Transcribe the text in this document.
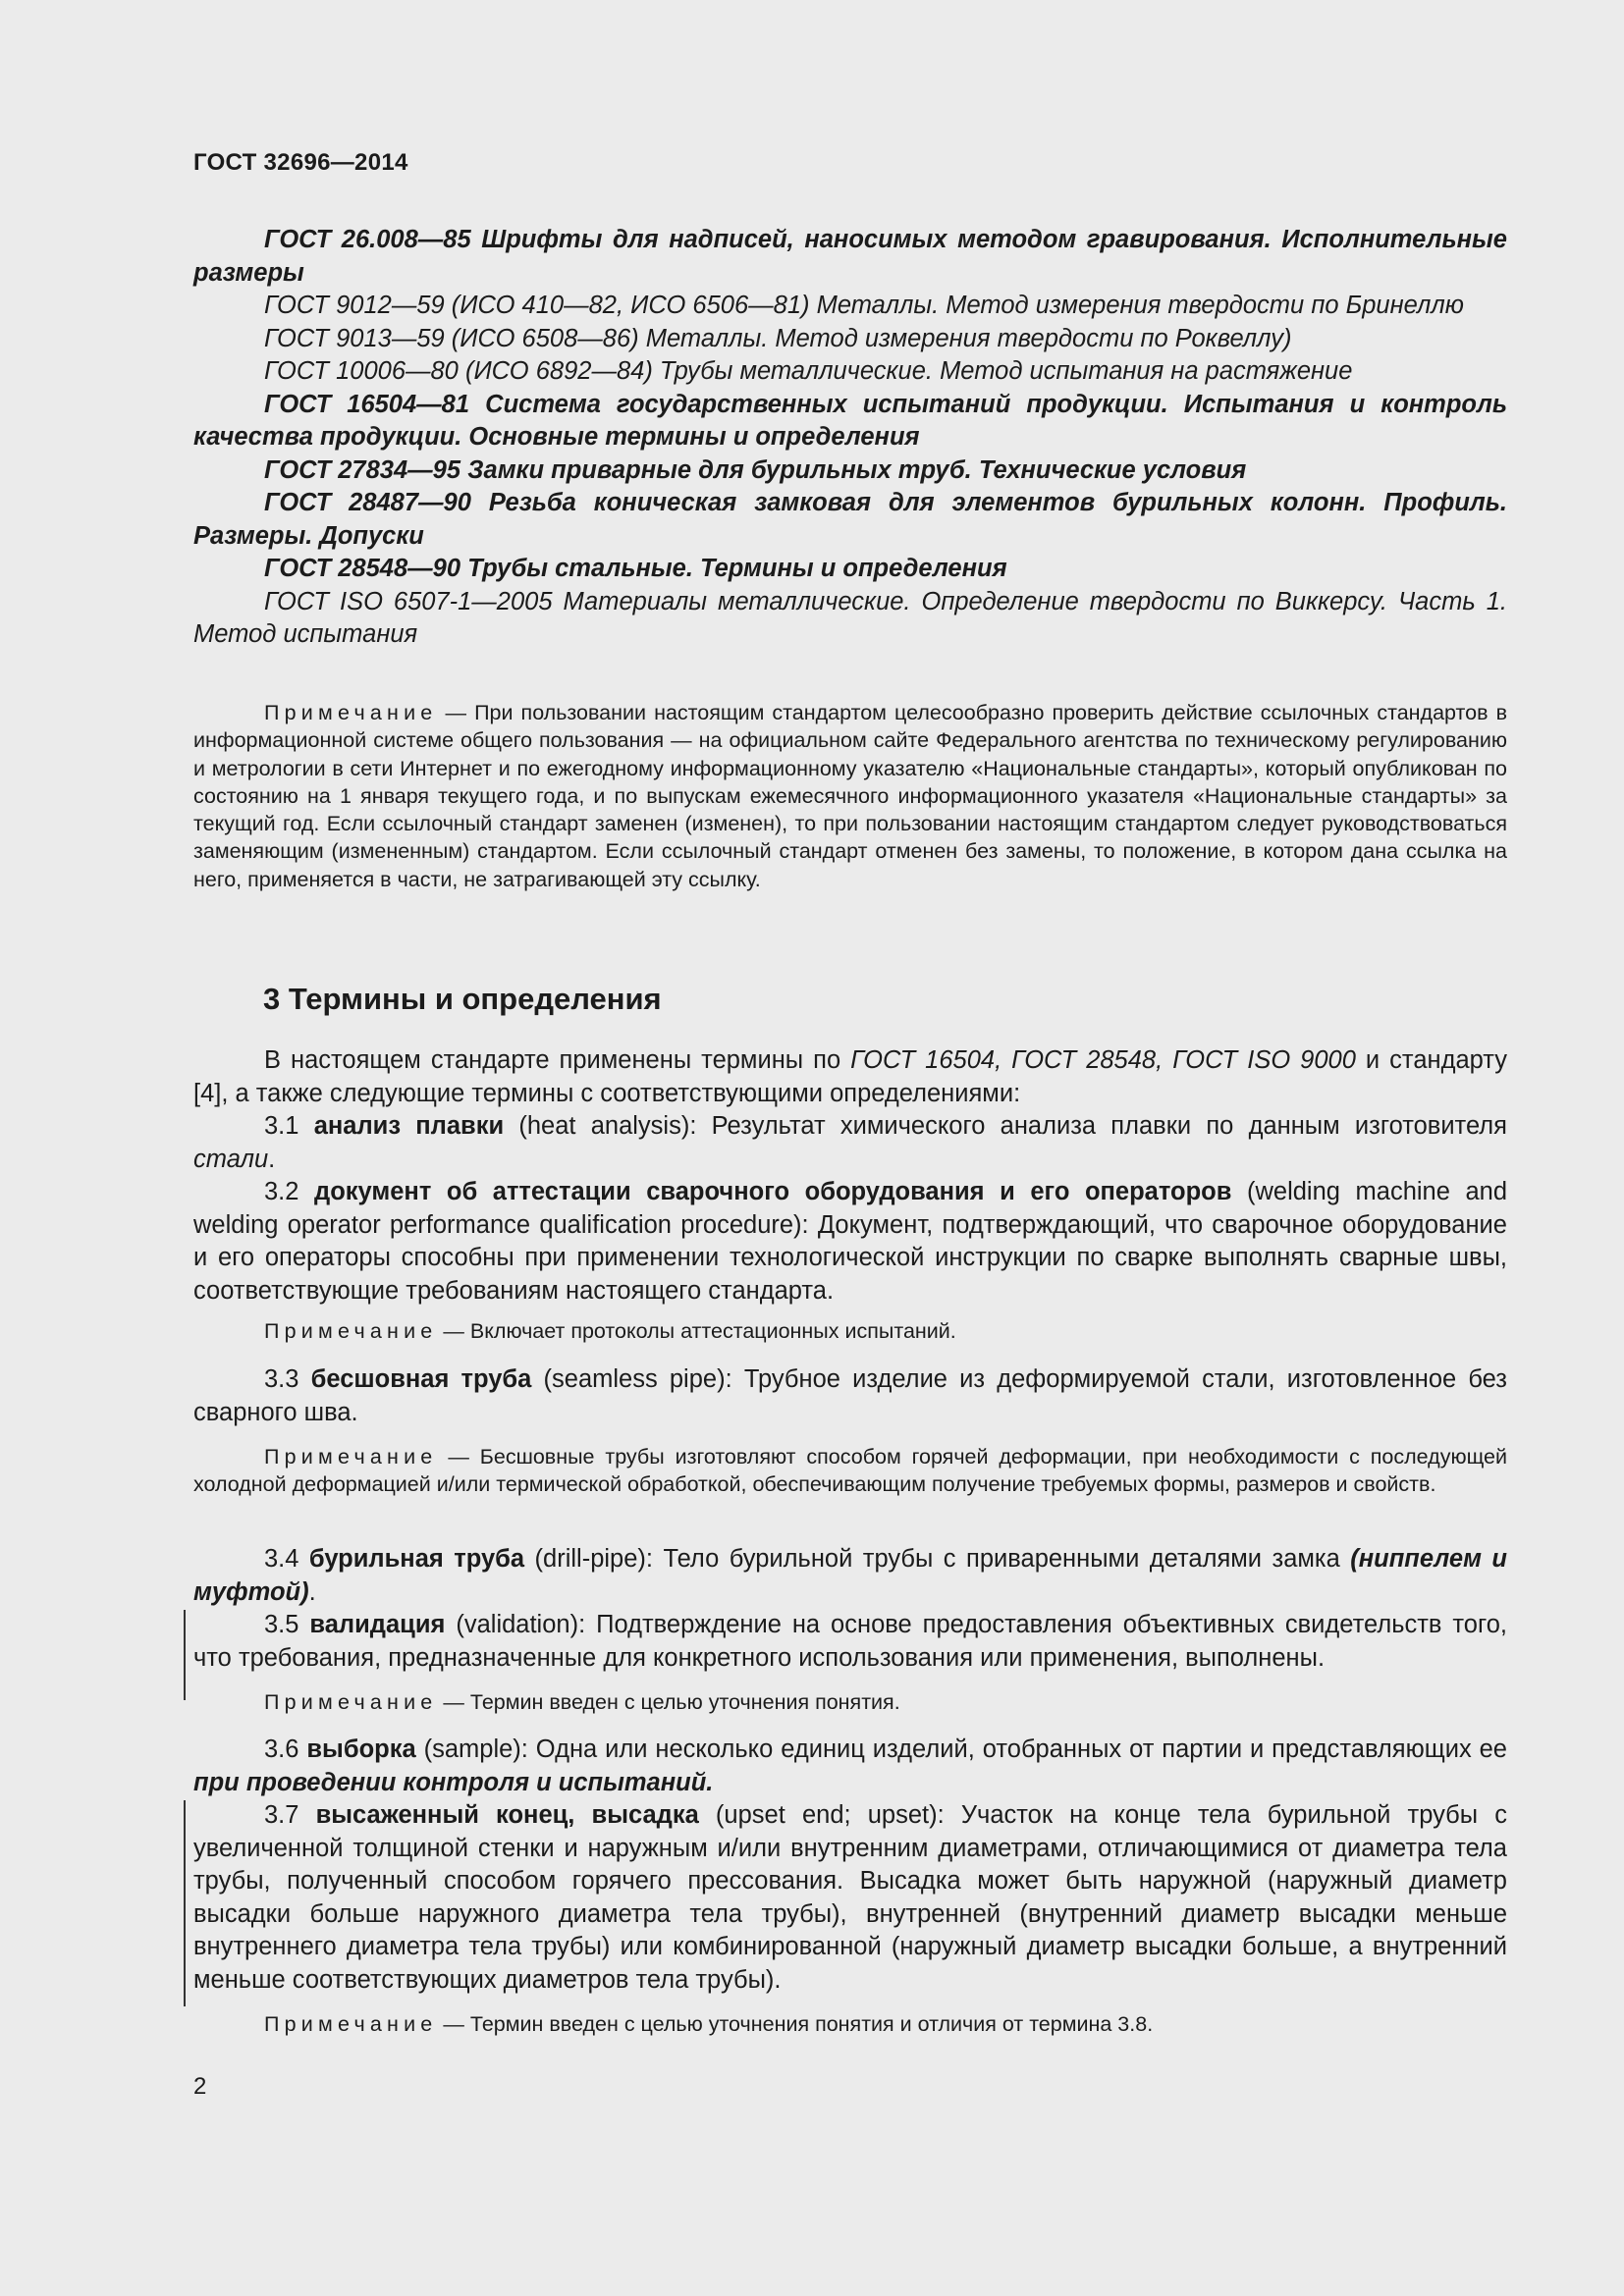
ГОСТ 32696—2014

ГОСТ 26.008—85 Шрифты для надписей, наносимых методом гравирования. Исполнительные размеры

ГОСТ 9012—59 (ИСО 410—82, ИСО 6506—81) Металлы. Метод измерения твердости по Бринеллю

ГОСТ 9013—59 (ИСО 6508—86) Металлы. Метод измерения твердости по Роквеллу)

ГОСТ 10006—80 (ИСО 6892—84) Трубы металлические. Метод испытания на растяжение

ГОСТ 16504—81 Система государственных испытаний продукции. Испытания и контроль качества продукции. Основные термины и определения

ГОСТ 27834—95 Замки приварные для бурильных труб. Технические условия

ГОСТ 28487—90 Резьба коническая замковая для элементов бурильных колонн. Профиль. Размеры. Допуски

ГОСТ 28548—90 Трубы стальные. Термины и определения

ГОСТ ISO 6507-1—2005 Материалы металлические. Определение твердости по Виккерсу. Часть 1. Метод испытания

Примечание — При пользовании настоящим стандартом целесообразно проверить действие ссылочных стандартов в информационной системе общего пользования — на официальном сайте Федерального агентства по техническому регулированию и метрологии в сети Интернет и по ежегодному информационному указателю «Национальные стандарты», который опубликован по состоянию на 1 января текущего года, и по выпускам ежемесячного информационного указателя «Национальные стандарты» за текущий год. Если ссылочный стандарт заменен (изменен), то при пользовании настоящим стандартом следует руководствоваться заменяющим (измененным) стандартом. Если ссылочный стандарт отменен без замены, то положение, в котором дана ссылка на него, применяется в части, не затрагивающей эту ссылку.

3 Термины и определения

В настоящем стандарте применены термины по ГОСТ 16504, ГОСТ 28548, ГОСТ ISO 9000 и стандарту [4], а также следующие термины с соответствующими определениями:

3.1 анализ плавки (heat analysis): Результат химического анализа плавки по данным изготовителя стали.

3.2 документ об аттестации сварочного оборудования и его операторов (welding machine and welding operator performance qualification procedure): Документ, подтверждающий, что сварочное оборудование и его операторы способны при применении технологической инструкции по сварке выполнять сварные швы, соответствующие требованиям настоящего стандарта.

Примечание — Включает протоколы аттестационных испытаний.

3.3 бесшовная труба (seamless pipe): Трубное изделие из деформируемой стали, изготовленное без сварного шва.

Примечание — Бесшовные трубы изготовляют способом горячей деформации, при необходимости с последующей холодной деформацией и/или термической обработкой, обеспечивающим получение требуемых формы, размеров и свойств.

3.4 бурильная труба (drill-pipe): Тело бурильной трубы с приваренными деталями замка (ниппелем и муфтой).

3.5 валидация (validation): Подтверждение на основе предоставления объективных свидетельств того, что требования, предназначенные для конкретного использования или применения, выполнены.

Примечание — Термин введен с целью уточнения понятия.

3.6 выборка (sample): Одна или несколько единиц изделий, отобранных от партии и представляющих ее при проведении контроля и испытаний.

3.7 высаженный конец, высадка (upset end; upset): Участок на конце тела бурильной трубы с увеличенной толщиной стенки и наружным и/или внутренним диаметрами, отличающимися от диаметра тела трубы, полученный способом горячего прессования. Высадка может быть наружной (наружный диаметр высадки больше наружного диаметра тела трубы), внутренней (внутренний диаметр высадки меньше внутреннего диаметра тела трубы) или комбинированной (наружный диаметр высадки больше, а внутренний меньше соответствующих диаметров тела трубы).

Примечание — Термин введен с целью уточнения понятия и отличия от термина 3.8.

2
